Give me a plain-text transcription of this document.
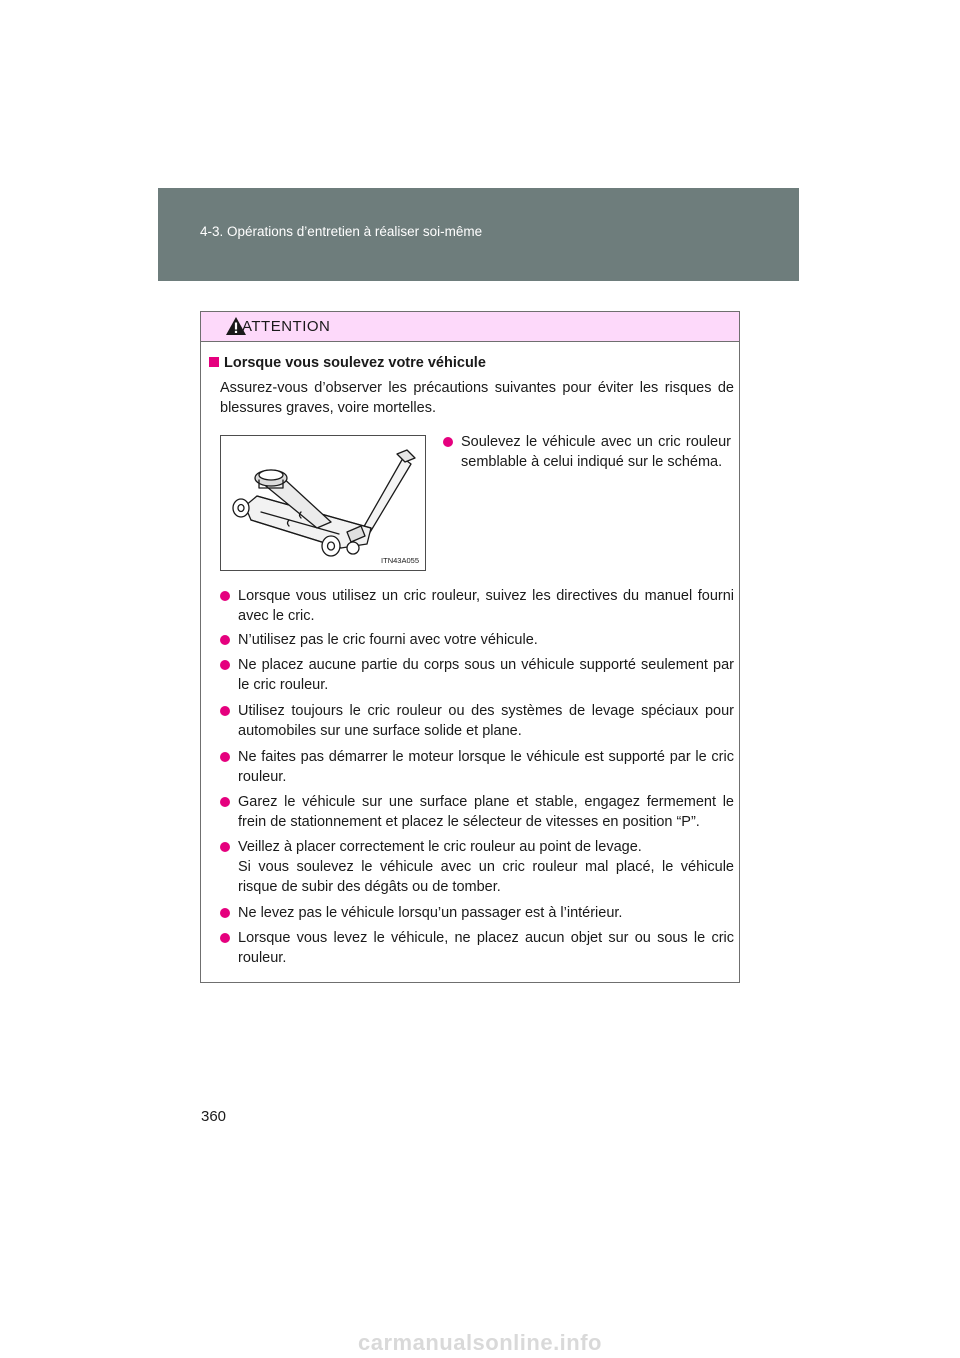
4-3. Opérations d’entretien à réaliser soi-même
ATTENTION
Lorsque vous soulevez votre véhicule
Assurez-vous d’observer les précautions suivantes pour éviter les risques de blessures graves, voire mortelles.
ITN43A055
Soulevez le véhicule avec un cric rouleur semblable à celui indiqué sur le schéma.
Lorsque vous utilisez un cric rouleur, suivez les directives du manuel fourni avec le cric.
N’utilisez pas le cric fourni avec votre véhicule.
Ne placez aucune partie du corps sous un véhicule supporté seulement par le cric rouleur.
Utilisez toujours le cric rouleur ou des systèmes de levage spéciaux pour automobiles sur une surface solide et plane.
Ne faites pas démarrer le moteur lorsque le véhicule est supporté par le cric rouleur.
Garez le véhicule sur une surface plane et stable, engagez fermement le frein de stationnement et placez le sélecteur de vitesses en position “P”.
Veillez à placer correctement le cric rouleur au point de levage.
Si vous soulevez le véhicule avec un cric rouleur mal placé, le véhicule risque de subir des dégâts ou de tomber.
Ne levez pas le véhicule lorsqu’un passager est à l’intérieur.
Lorsque vous levez le véhicule, ne placez aucun objet sur ou sous le cric rouleur.
360
carmanualsonline.info
